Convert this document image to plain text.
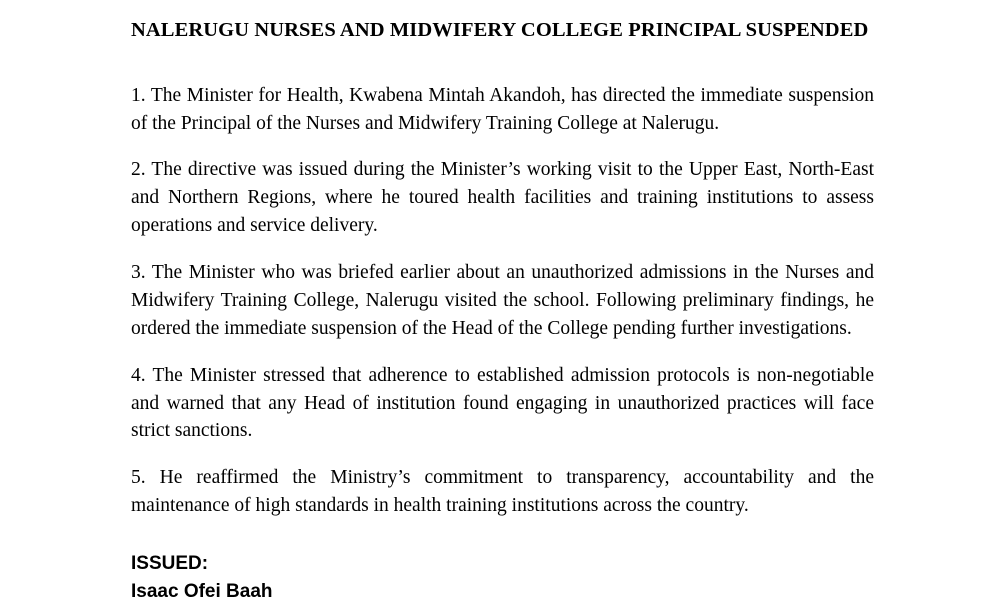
NALERUGU NURSES AND MIDWIFERY COLLEGE PRINCIPAL SUSPENDED

1. The Minister for Health, Kwabena Mintah Akandoh, has directed the immediate suspension of the Principal of the Nurses and Midwifery Training College at Nalerugu.

2. The directive was issued during the Minister’s working visit to the Upper East, North-East and Northern Regions, where he toured health facilities and training institutions to assess operations and service delivery.

3. The Minister who was briefed earlier about an unauthorized admissions in the Nurses and Midwifery Training College, Nalerugu visited the school. Following preliminary findings, he ordered the immediate suspension of the Head of the College pending further investigations.

4. The Minister stressed that adherence to established admission protocols is non-negotiable and warned that any Head of institution found engaging in unauthorized practices will face strict sanctions.

5. He reaffirmed the Ministry’s commitment to transparency, accountability and the maintenance of high standards in health training institutions across the country.

ISSUED:
Isaac Ofei Baah
